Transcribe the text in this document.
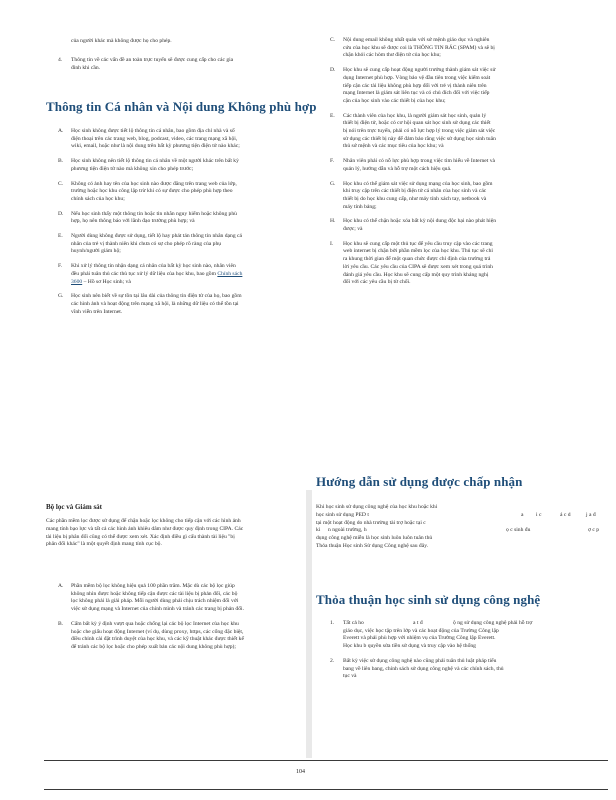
của người khác mà không được họ cho phép.

4. Thông tin về các vấn đề an toàn trực tuyến sẽ được cung cấp cho các gia đình khi cần.
Thông tin Cá nhân và Nội dung Không phù hợp
A. Học sinh không được tiết lộ thông tin cá nhân, bao gồm địa chỉ nhà và số điện thoại trên các trang web, blog, podcast, video, các trang mạng xã hội, wiki, email, hoặc như là nội dung trên bất kỳ phương tiện điện tử nào khác;
B. Học sinh không nên tiết lộ thông tin cá nhân về một người khác trên bất kỳ phương tiện điện tử nào mà không xin cho phép trước;
C. Không có ảnh hay tên của học sinh nào được đăng trên trang web của lớp, trường hoặc học khu công lập trừ khi có sự được cho phép phù hợp theo chính sách của học khu;
D. Nếu học sinh thấy một thông tin hoặc tin nhắn nguy hiểm hoặc không phù hợp, họ nên thông báo với lãnh đạo trường phù hợp; và
E. Người dùng không được sử dụng, tiết lộ hay phát tán thông tin nhân dạng cá nhân của trẻ vị thành niên khi chưa có sự cho phép rõ ràng của phụ huynh/người giám hộ;
F. Khi xử lý thông tin nhận dạng cá nhân của bất kỳ học sinh nào, nhân viên đều phải tuân thủ các thủ tục xử lý dữ liệu của học khu, bao gồm Chính sách 3600 – Hồ sơ Học sinh; và
G. Học sinh nên biết về sự tồn tại lâu dài của thông tin điện tử của họ, bao gồm các hình ảnh và hoạt động trên mạng xã hội, là những dữ liệu có thể tồn tại vĩnh viễn trên Internet.
Bộ lọc và Giám sát

Các phần mềm lọc được sử dụng để chặn hoặc lọc không cho tiếp cận với các hình ảnh mang tính bạo lực và tất cả các hình ảnh khiêu dâm như được quy định trong CIPA. Các tài liệu bị phân đối cũng có thể được xem xét. Xác định điều gì cấu thành tài liệu "bị phân đối khác" là một quyết định mang tính cục bộ.

A. Phần mềm bộ lọc không hiệu quả 100 phần trăm. Mặc dù các bộ lọc giúp không nhìn được hoặc không tiếp cận được các tài liệu bị phản đối, các bộ lọc không phải là giải pháp. Mỗi người dùng phải chịu trách nhiệm đối với việc sử dụng mạng và Internet của chính mình và tránh các trang bị phản đối.
B. Cấm bất kỳ ý định vượt qua hoặc chống lại các bộ lọc Internet của học khu hoặc che giấu hoạt động Internet (ví dụ, dùng proxy, https, các cổng đặc biệt, điều chỉnh cài đặt trình duyệt của học khu, và các kỹ thuật khác được thiết kế để tránh các bộ lọc hoặc cho phép xuất bản các nội dung không phù hợp);
C. Nội dung email không nhất quán với sứ mệnh giáo dục và nghiên cứu của học khu sẽ được coi là THÔNG TIN RÁC (SPAM) và sẽ bị chặn khỏi các hòm thư điện tử của học khu;
D. Học khu sẽ cung cấp hoạt động người trưởng thành giám sát việc sử dụng Internet phù hợp. Vòng bảo vệ đầu tiên trong việc kiểm soát tiếp cận các tài liệu không phù hợp đối với trẻ vị thành niên trên mạng Internet là giám sát liên tục và có chủ đích đối với việc tiếp cận của học sinh vào các thiết bị của học khu;
E. Các thành viên của học khu, là người giám sát học sinh, quản lý thiết bị điện tử, hoặc có cơ hội quan sát học sinh sử dụng các thiết bị nói trên trực tuyến, phải có nỗ lực hợp lý trong việc giám sát việc sử dụng các thiết bị này để đảm bảo rằng việc sử dụng học sinh tuân thủ sứ mệnh và các mục tiêu của học khu; và
F. Nhân viên phải có nỗ lực phù hợp trong việc tìm hiểu về Internet và quản lý, hướng dẫn và hỗ trợ một cách hiệu quả.
G. Học khu có thể giám sát việc sử dụng mạng của học sinh, bao gồm khi truy cập trên các thiết bị điện tử cá nhân của học sinh và các thiết bị do học khu cung cấp, như máy tính xách tay, netbook và máy tính bảng;
H. Học khu có thể chặn hoặc xóa bất kỳ nội dung độc hại nào phát hiện được; và
I. Học khu sẽ cung cấp một thủ tục để yêu cầu truy cập vào các trang web internet bị chặn bởi phần mềm lọc của học khu. Thủ tục sẽ chỉ ra khung thời gian để một quan chức được chỉ định của trường trả lời yêu cầu. Các yêu cầu của CIPA sẽ được xem xét trong quá trình đánh giá yêu cầu. Học khu sẽ cung cấp một quy trình kháng nghị đối với các yêu cầu bị từ chối.
Hướng dẫn sử dụng được chấp nhận
Khi học sinh sử dụng công nghệ của học khu hoặc khi
học sinh sử dụng PED t	a i c	á c d	j a đ
tại một hoạt động do nhà trường tài trợ hoặc tại c
kì n ngoài trường, h	ọ c sinh đu	ợ c p
dụng công nghệ miễn là học sinh luôn luôn tuân thủ
Thỏa thuận Học sinh Sử dụng Công nghệ sau đây.
Thỏa thuận học sinh sử dụng công nghệ
1. Tất cả ho	a t đ	ộ ng sử dụng công nghệ phải hỗ trợ
giáo dục, việc học tập trên lớp và các hoạt động của Trường Công lập Everett và phải phù hợp với nhiệm vụ của Trường Công lập Everett. Học khu b quyền sửa tiền sử dụng và truy cập vào hệ thống
2. Bất kỳ việc sử dụng công nghệ nào cũng phải tuân thủ luật pháp tiểu bang về liên bang, chính sách sử dụng công nghệ và các chính sách, thủ tục và
104
